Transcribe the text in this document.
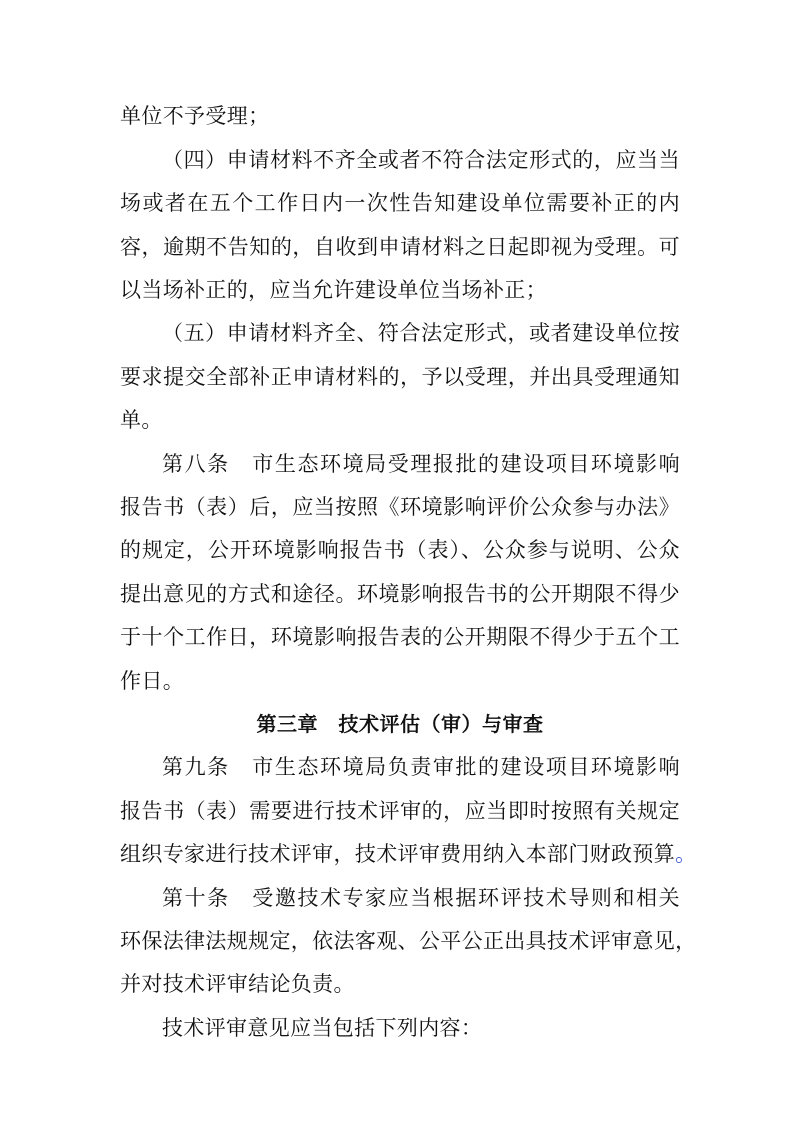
单位不予受理；
（四）申请材料不齐全或者不符合法定形式的，应当当
场或者在五个工作日内一次性告知建设单位需要补正的内
容，逾期不告知的，自收到申请材料之日起即视为受理。可
以当场补正的，应当允许建设单位当场补正；
（五）申请材料齐全、符合法定形式，或者建设单位按
要求提交全部补正申请材料的，予以受理，并出具受理通知
单。
第八条　市生态环境局受理报批的建设项目环境影响
报告书（表）后，应当按照《环境影响评价公众参与办法》
的规定，公开环境影响报告书（表）、公众参与说明、公众
提出意见的方式和途径。环境影响报告书的公开期限不得少
于十个工作日，环境影响报告表的公开期限不得少于五个工
作日。
第三章　技术评估（审）与审查
第九条　市生态环境局负责审批的建设项目环境影响
报告书（表）需要进行技术评审的，应当即时按照有关规定
组织专家进行技术评审，技术评审费用纳入本部门财政预算。
第十条　受邀技术专家应当根据环评技术导则和相关
环保法律法规规定，依法客观、公平公正出具技术评审意见，
并对技术评审结论负责。
技术评审意见应当包括下列内容：
